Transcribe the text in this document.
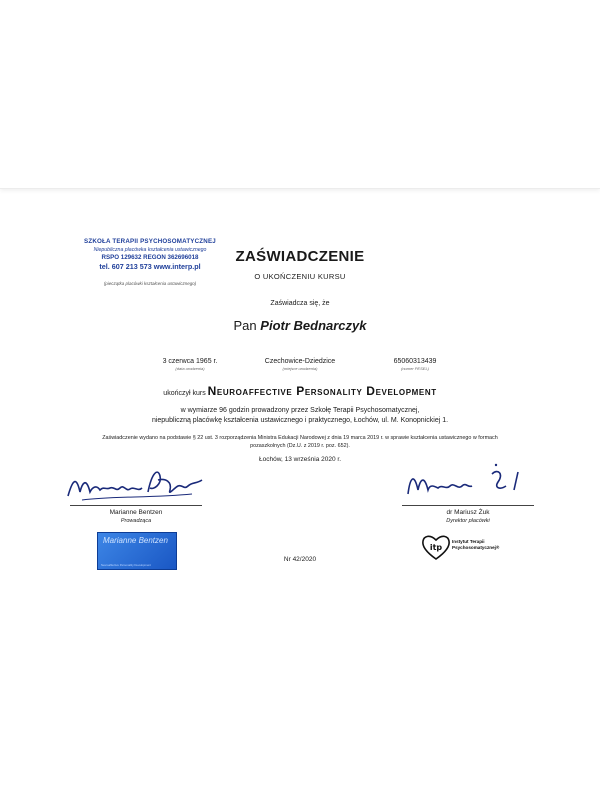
SZKOŁA TERAPII PSYCHOSOMATYCZNEJ
Niepubliczna placówka kształcenia ustawicznego
RSPO 129632 REGON 362696018
tel. 607 213 573 www.interp.pl
(pieczątka placówki kształcenia ustawicznego)
ZAŚWIADCZENIE
O UKOŃCZENIU KURSU
Zaświadcza się, że
Pan Piotr Bednarczyk
3 czerwca 1965 r.
(data urodzenia)
Czechowice-Dziedzice
(miejsce urodzenia)
65060313439
(numer PESEL)
ukończył kurs Neuroaffective Personality Development
w wymiarze 96 godzin prowadzony przez Szkołę Terapii Psychosomatycznej,
niepubliczną placówkę kształcenia ustawicznego i praktycznego, Łochów, ul. M. Konopnickiej 1.
Zaświadczenie wydano na podstawie § 22 ust. 3 rozporządzenia Ministra Edukacji Narodowej z dnia 19 marca 2019 r. w sprawie kształcenia ustawicznego w formach
pozaszkolnych (Dz.U. z 2019 r. poz. 652).
Łochów, 13 września 2020 r.
Marianne Bentzen
Prowadząca
dr Mariusz Żuk
Dyrektor placówki
Marianne Bentzen
Neuroaffective Personality Development
itp
Instytut Terapii Psychosomatycznej®
Nr 42/2020
